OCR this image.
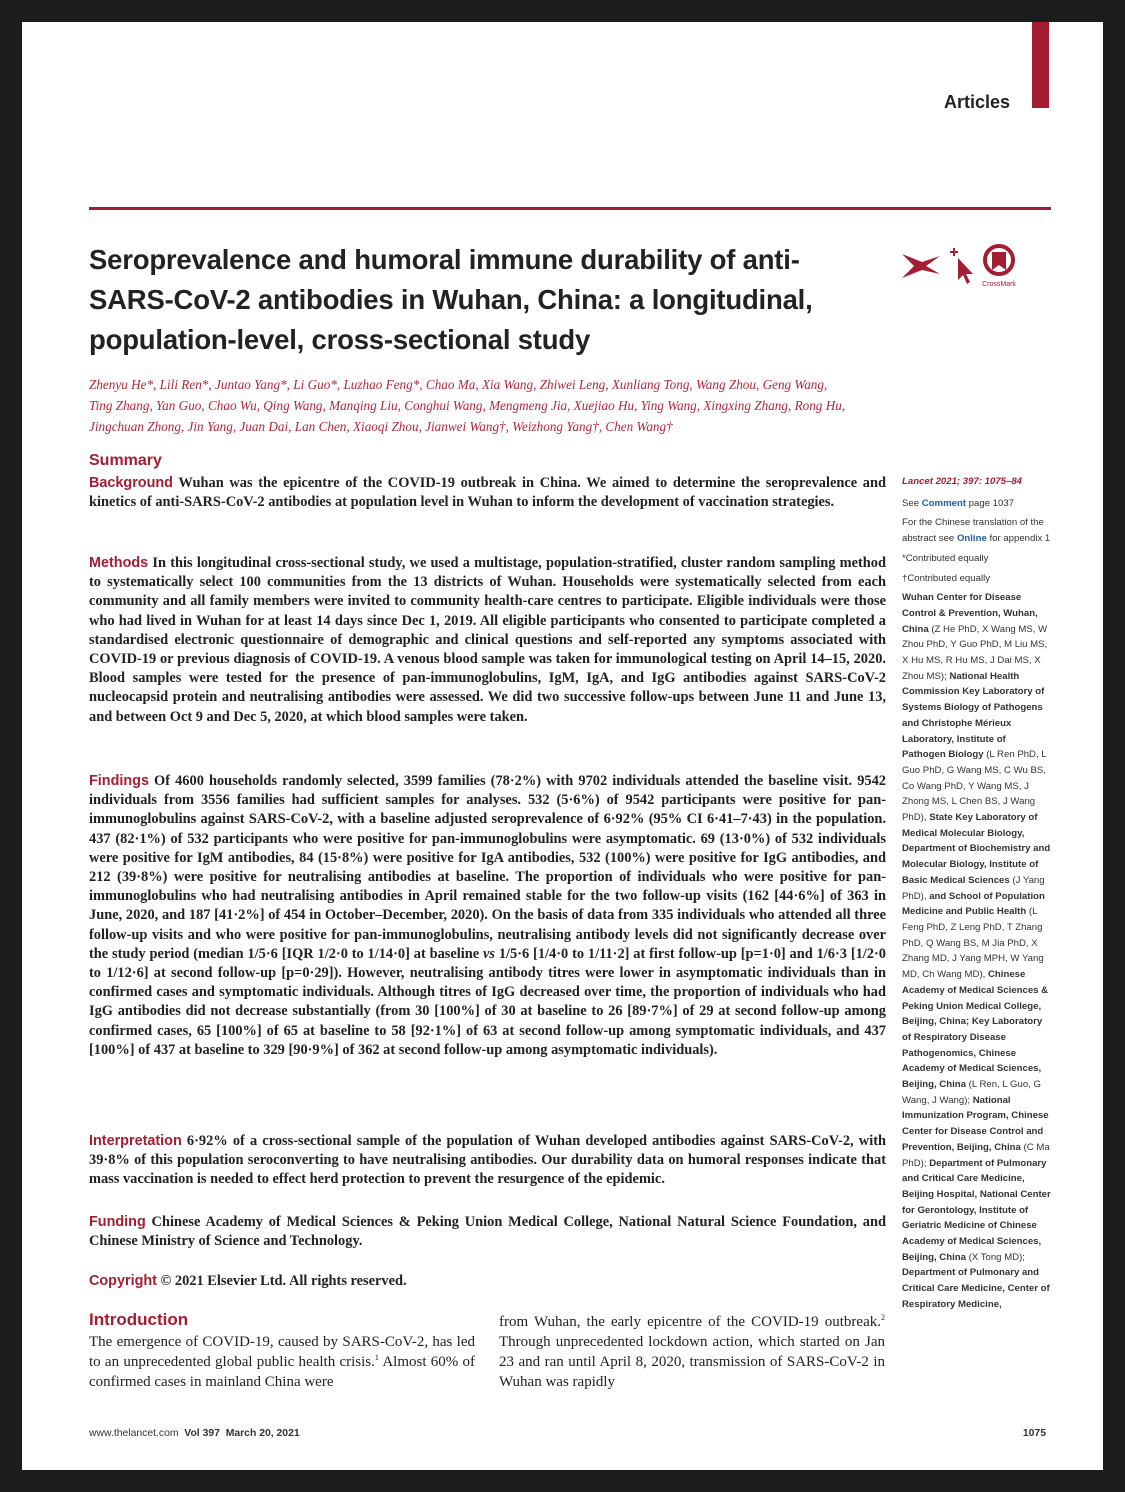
Articles
Seroprevalence and humoral immune durability of anti-SARS-CoV-2 antibodies in Wuhan, China: a longitudinal, population-level, cross-sectional study
CrossMark
Zhenyu He*, Lili Ren*, Juntao Yang*, Li Guo*, Luzhao Feng*, Chao Ma, Xia Wang, Zhiwei Leng, Xunliang Tong, Wang Zhou, Geng Wang,
Ting Zhang, Yan Guo, Chao Wu, Qing Wang, Manqing Liu, Conghui Wang, Mengmeng Jia, Xuejiao Hu, Ying Wang, Xingxing Zhang, Rong Hu,
Jingchuan Zhong, Jin Yang, Juan Dai, Lan Chen, Xiaoqi Zhou, Jianwei Wang†, Weizhong Yang†, Chen Wang†
Summary

Background Wuhan was the epicentre of the COVID-19 outbreak in China. We aimed to determine the seroprevalence and kinetics of anti-SARS-CoV-2 antibodies at population level in Wuhan to inform the development of vaccination strategies.

Methods In this longitudinal cross-sectional study, we used a multistage, population-stratified, cluster random sampling method to systematically select 100 communities from the 13 districts of Wuhan. Households were systematically selected from each community and all family members were invited to community health-care centres to participate. Eligible individuals were those who had lived in Wuhan for at least 14 days since Dec 1, 2019. All eligible participants who consented to participate completed a standardised electronic questionnaire of demographic and clinical questions and self-reported any symptoms associated with COVID-19 or previous diagnosis of COVID-19. A venous blood sample was taken for immunological testing on April 14–15, 2020. Blood samples were tested for the presence of pan-immunoglobulins, IgM, IgA, and IgG antibodies against SARS-CoV-2 nucleocapsid protein and neutralising antibodies were assessed. We did two successive follow-ups between June 11 and June 13, and between Oct 9 and Dec 5, 2020, at which blood samples were taken.

Findings Of 4600 households randomly selected, 3599 families (78·2%) with 9702 individuals attended the baseline visit. 9542 individuals from 3556 families had sufficient samples for analyses. 532 (5·6%) of 9542 participants were positive for pan-immunoglobulins against SARS-CoV-2, with a baseline adjusted seroprevalence of 6·92% (95% CI 6·41–7·43) in the population. 437 (82·1%) of 532 participants who were positive for pan-immunoglobulins were asymptomatic. 69 (13·0%) of 532 individuals were positive for IgM antibodies, 84 (15·8%) were positive for IgA antibodies, 532 (100%) were positive for IgG antibodies, and 212 (39·8%) were positive for neutralising antibodies at baseline. The proportion of individuals who were positive for pan-immunoglobulins who had neutralising antibodies in April remained stable for the two follow-up visits (162 [44·6%] of 363 in June, 2020, and 187 [41·2%] of 454 in October–December, 2020). On the basis of data from 335 individuals who attended all three follow-up visits and who were positive for pan-immunoglobulins, neutralising antibody levels did not significantly decrease over the study period (median 1/5·6 [IQR 1/2·0 to 1/14·0] at baseline vs 1/5·6 [1/4·0 to 1/11·2] at first follow-up [p=1·0] and 1/6·3 [1/2·0 to 1/12·6] at second follow-up [p=0·29]). However, neutralising antibody titres were lower in asymptomatic individuals than in confirmed cases and symptomatic individuals. Although titres of IgG decreased over time, the proportion of individuals who had IgG antibodies did not decrease substantially (from 30 [100%] of 30 at baseline to 26 [89·7%] of 29 at second follow-up among confirmed cases, 65 [100%] of 65 at baseline to 58 [92·1%] of 63 at second follow-up among symptomatic individuals, and 437 [100%] of 437 at baseline to 329 [90·9%] of 362 at second follow-up among asymptomatic individuals).

Interpretation 6·92% of a cross-sectional sample of the population of Wuhan developed antibodies against SARS-CoV-2, with 39·8% of this population seroconverting to have neutralising antibodies. Our durability data on humoral responses indicate that mass vaccination is needed to effect herd protection to prevent the resurgence of the epidemic.

Funding Chinese Academy of Medical Sciences & Peking Union Medical College, National Natural Science Foundation, and Chinese Ministry of Science and Technology.

Copyright © 2021 Elsevier Ltd. All rights reserved.

Introduction

The emergence of COVID-19, caused by SARS-CoV-2, has led to an unprecedented global public health crisis.$^1$ Almost 60% of confirmed cases in mainland China were

from Wuhan, the early epicentre of the COVID-19 outbreak.$^2$ Through unprecedented lockdown action, which started on Jan 23 and ran until April 8, 2020, transmission of SARS-CoV-2 in Wuhan was rapidly

Lancet 2021; 397: 1075–84

See Comment page 1037

For the Chinese translation of the abstract see Online for appendix 1

*Contributed equally

†Contributed equally

Wuhan Center for Disease Control & Prevention, Wuhan, China (Z He PhD, X Wang MS, W Zhou PhD, Y Guo PhD, M Liu MS, X Hu MS, R Hu MS, J Dai MS, X Zhou MS); National Health Commission Key Laboratory of Systems Biology of Pathogens and Christophe Mérieux Laboratory, Institute of Pathogen Biology (L Ren PhD, L Guo PhD, G Wang MS, C Wu BS, Co Wang PhD, Y Wang MS, J Zhong MS, L Chen BS, J Wang PhD), State Key Laboratory of Medical Molecular Biology, Department of Biochemistry and Molecular Biology, Institute of Basic Medical Sciences (J Yang PhD), and School of Population Medicine and Public Health (L Feng PhD, Z Leng PhD, T Zhang PhD, Q Wang BS, M Jia PhD, X Zhang MD, J Yang MPH, W Yang MD, Ch Wang MD), Chinese Academy of Medical Sciences & Peking Union Medical College, Beijing, China; Key Laboratory of Respiratory Disease Pathogenomics, Chinese Academy of Medical Sciences, Beijing, China (L Ren, L Guo, G Wang, J Wang); National Immunization Program, Chinese Center for Disease Control and Prevention, Beijing, China (C Ma PhD); Department of Pulmonary and Critical Care Medicine, Beijing Hospital, National Center for Gerontology, Institute of Geriatric Medicine of Chinese Academy of Medical Sciences, Beijing, China (X Tong MD); Department of Pulmonary and Critical Care Medicine, Center of Respiratory Medicine,

www.thelancet.com Vol 397 March 20, 2021	1075
